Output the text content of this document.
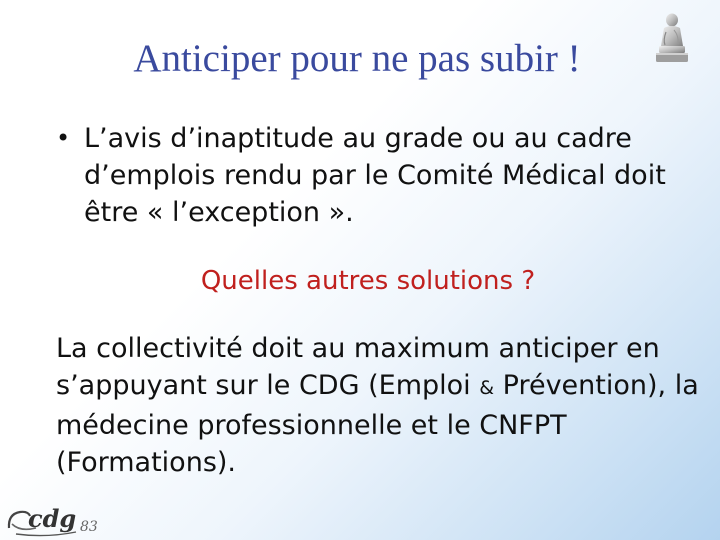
Anticiper pour ne pas subir !
• L’avis d’inaptitude au grade ou au cadre d’emplois rendu par le Comité Médical doit être « l’exception ».
Quelles autres solutions ?
La collectivité doit au maximum anticiper en s’appuyant sur le CDG (Emploi & Prévention), la médecine professionnelle et le CNFPT (Formations).
cdg 83
